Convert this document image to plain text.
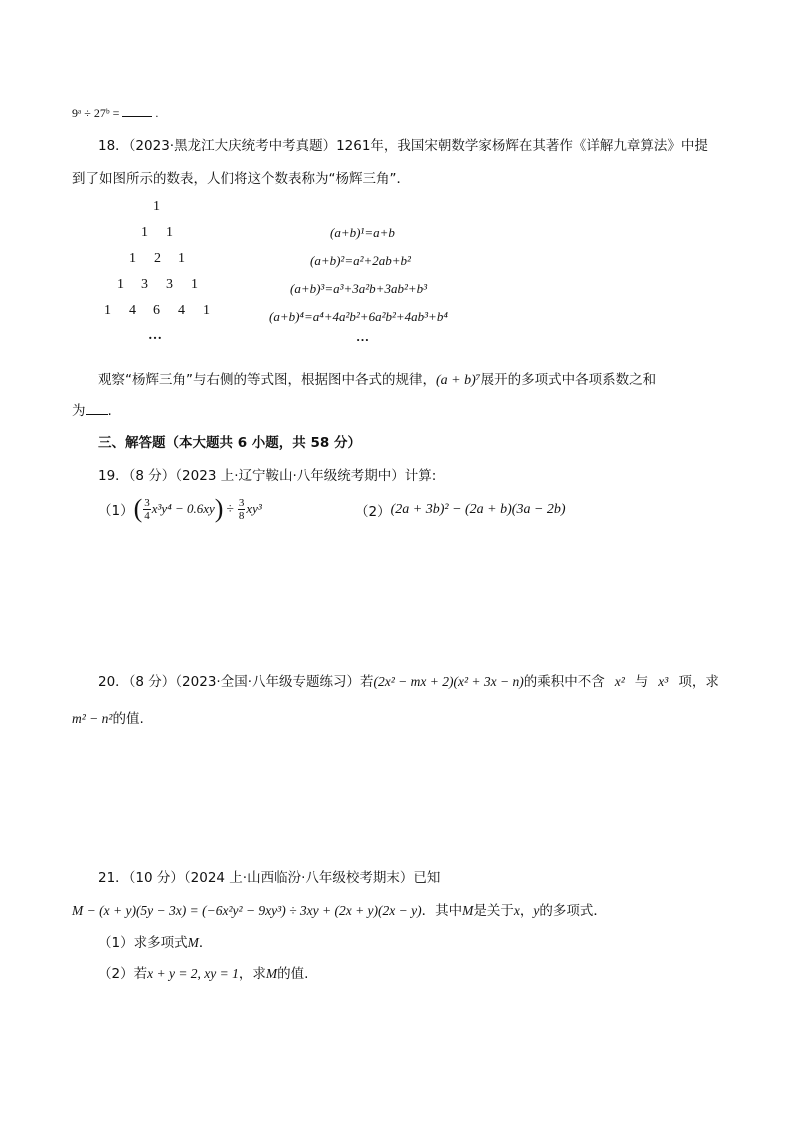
9ᵃ ÷ 27ᵇ =	.
18．（2023·黑龙江大庆统考中考真题）1261年，我国宋朝数学家杨辉在其著作《详解九章算法》中提
到了如图所示的数表，人们将这个数表称为“杨辉三角”．
1
1 1
1 2 1
1 3 3 1
1 4 6 4 1
…
(a+b)¹=a+b
(a+b)²=a²+2ab+b²
(a+b)³=a³+3a²b+3ab²+b³
(a+b)⁴=a⁴+4a²b²+6a²b²+4ab³+b⁴
…
观察“杨辉三角”与右侧的等式图，根据图中各式的规律，(a + b)⁷展开的多项式中各项系数之和
为 .
三、解答题（本大题共 6 小题，共 58 分）
19．（8 分）（2023 上·辽宁鞍山·八年级统考期中）计算:
（1） ( $\frac{3}{4} x^3y^4 - 0.6xy$ ) ÷ $\frac{3}{8} xy^3$	（2） (2a + 3b)² − (2a + b)(3a − 2b)
20．（8 分）（2023·全国·八年级专题练习）若(2x² − mx + 2)(x² + 3x − n)的乘积中不含 x² 与 x³ 项，求
m² − n²的值.
21．（10 分）（2024 上·山西临汾·八年级校考期末）已知
M − (x + y)(5y − 3x) = (−6x²y² − 9xy³) ÷ 3xy + (2x + y)(2x − y)．其中M是关于x，y的多项式．
（1）求多项式M．
（2）若x + y = 2, xy = 1，求M的值.
